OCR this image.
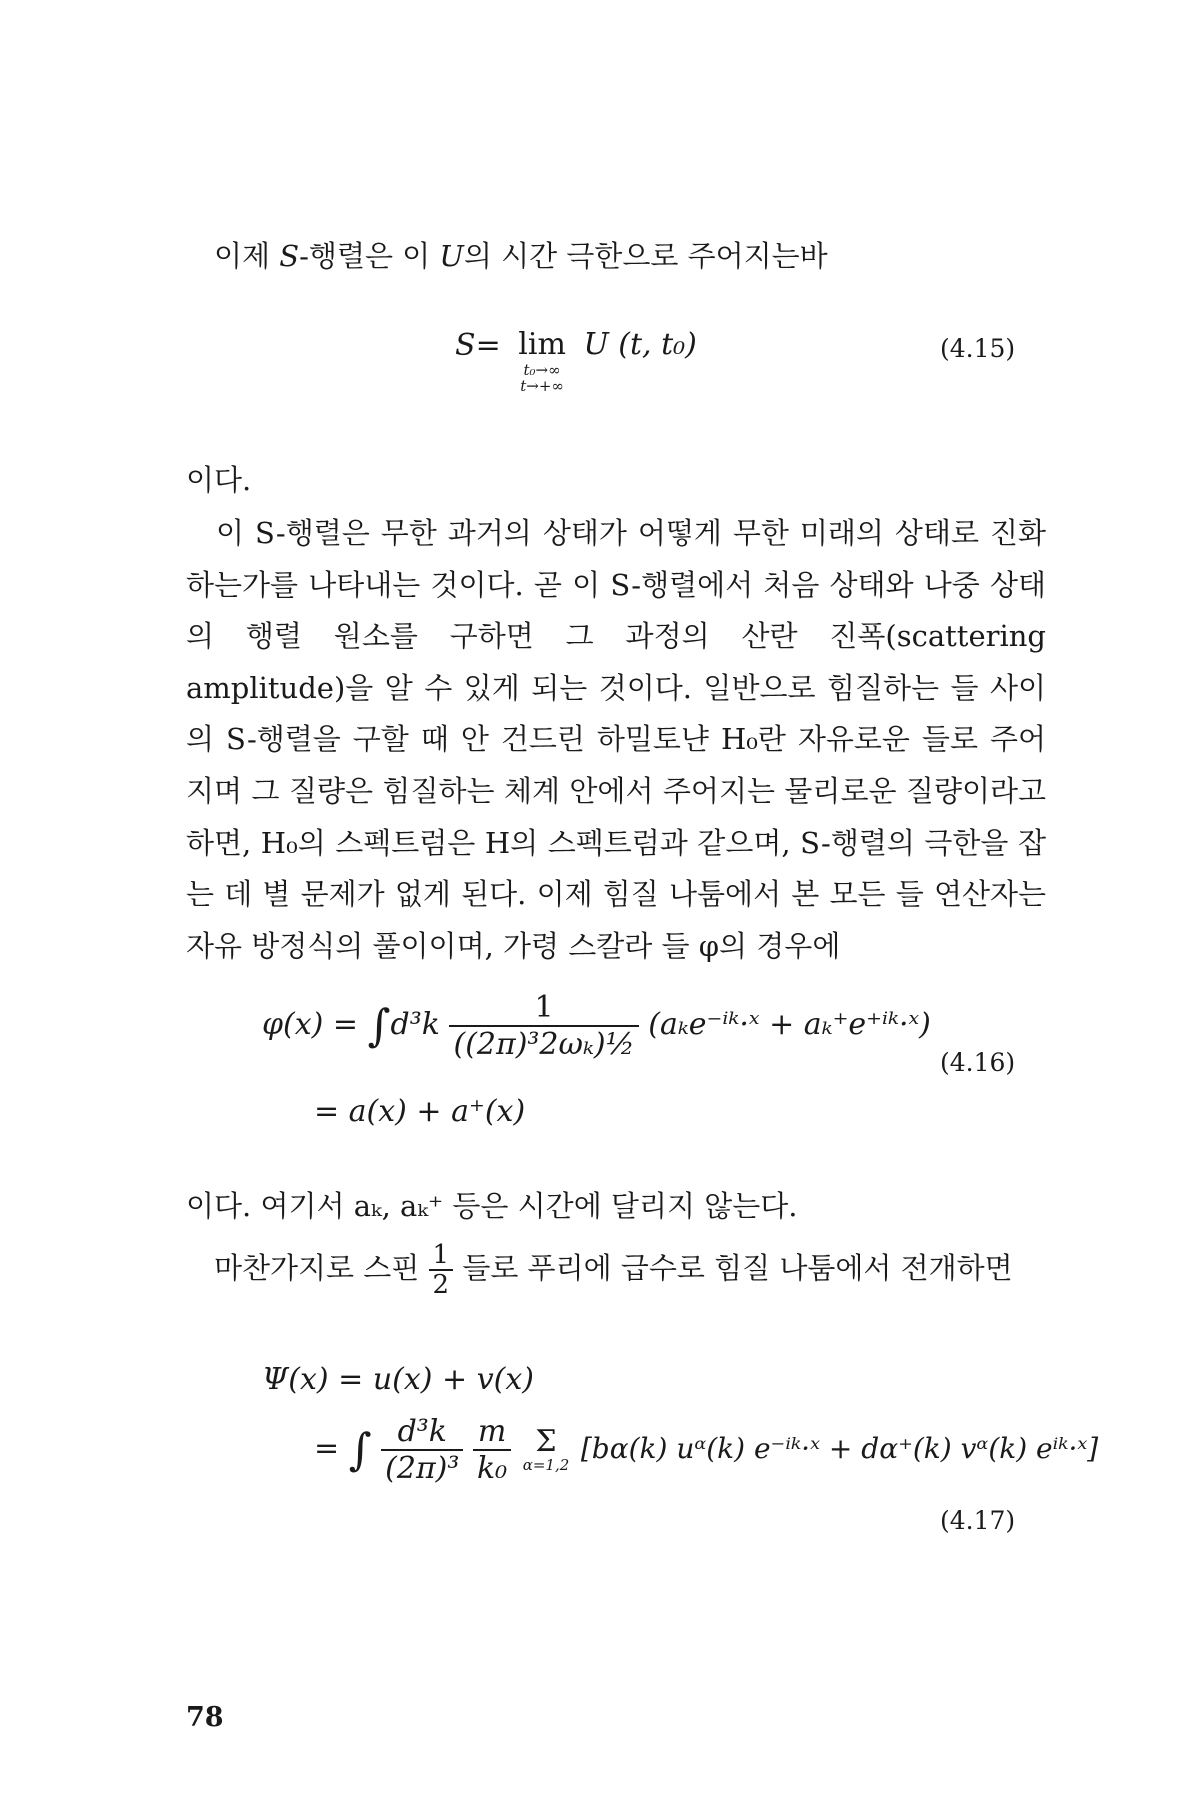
이제 S-행렬은 이 U의 시간 극한으로 주어지는바
S= lim
t₀→∞
t→+∞
U (t, t₀)	(4.15)
이다.
이 S-행렬은 무한 과거의 상태가 어떻게 무한 미래의 상태로 진화하는가를 나타내는 것이다. 곧 이 S-행렬에서 처음 상태와 나중 상태의 행렬 원소를 구하면 그 과정의 산란 진폭(scattering amplitude)을 알 수 있게 되는 것이다. 일반으로 힘질하는 들 사이의 S-행렬을 구할 때 안 건드린 하밀토냔 H₀란 자유로운 들로 주어지며 그 질량은 힘질하는 체계 안에서 주어지는 물리로운 질량이라고 하면, H₀의 스펙트럼은 H의 스펙트럼과 같으며, S-행렬의 극한을 잡는 데 별 문제가 없게 된다. 이제 힘질 나툼에서 본 모든 들 연산자는 자유 방정식의 풀이이며, 가령 스칼라 들 φ의 경우에
$\varphi(x) = \int d^3k \frac{1}{\text{((2π)³2ωₖ)½}}$ (aₖe⁻ⁱᵏ·ˣ + aₖ⁺e⁺ⁱᵏ·ˣ)
= a(x) + a⁺(x)
(4.16)
이다. 여기서 aₖ, aₖ⁺ 등은 시간에 달리지 않는다.
마찬가지로 스핀 $\frac{1}{2}$ 들로 푸리에 급수로 힘질 나툼에서 전개하면
Ψ(x) = u(x) + v(x)
= ∫ $\frac{\text{d³k}}{\text{(2π)³}}$
$\frac{m}{\text{k₀}}$
Σ
α=1,2 [bα(k) uᵅ(k) e⁻ⁱᵏ·ˣ + dα⁺(k) vᵅ(k) eⁱᵏ·ˣ]
(4.17)
78
